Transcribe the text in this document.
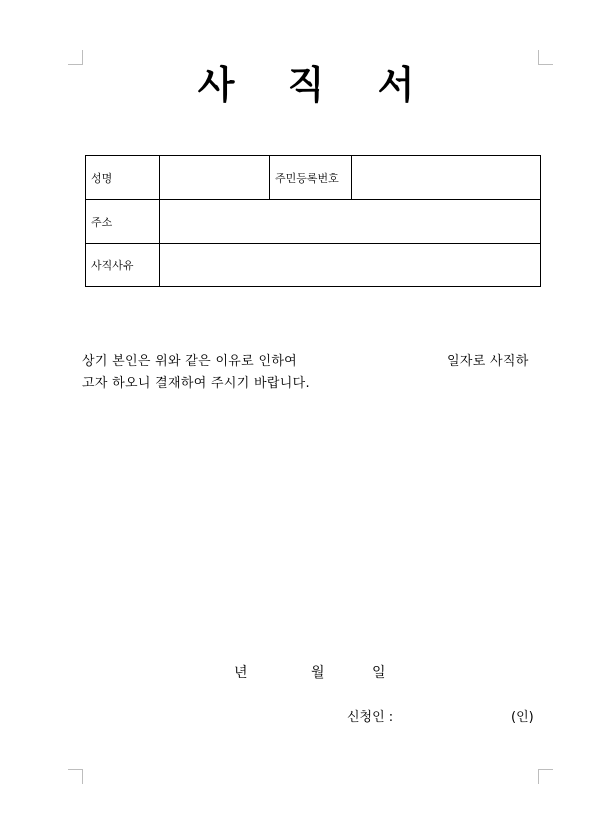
사 직 서
성명		주민등록번호	
주소			
사직사유			
상기 본인은 위와 같은 이유로 인하여	일자로 사직하
고자 하오니 결재하여 주시기 바랍니다.
년	월	일
신청인 :	(인)
